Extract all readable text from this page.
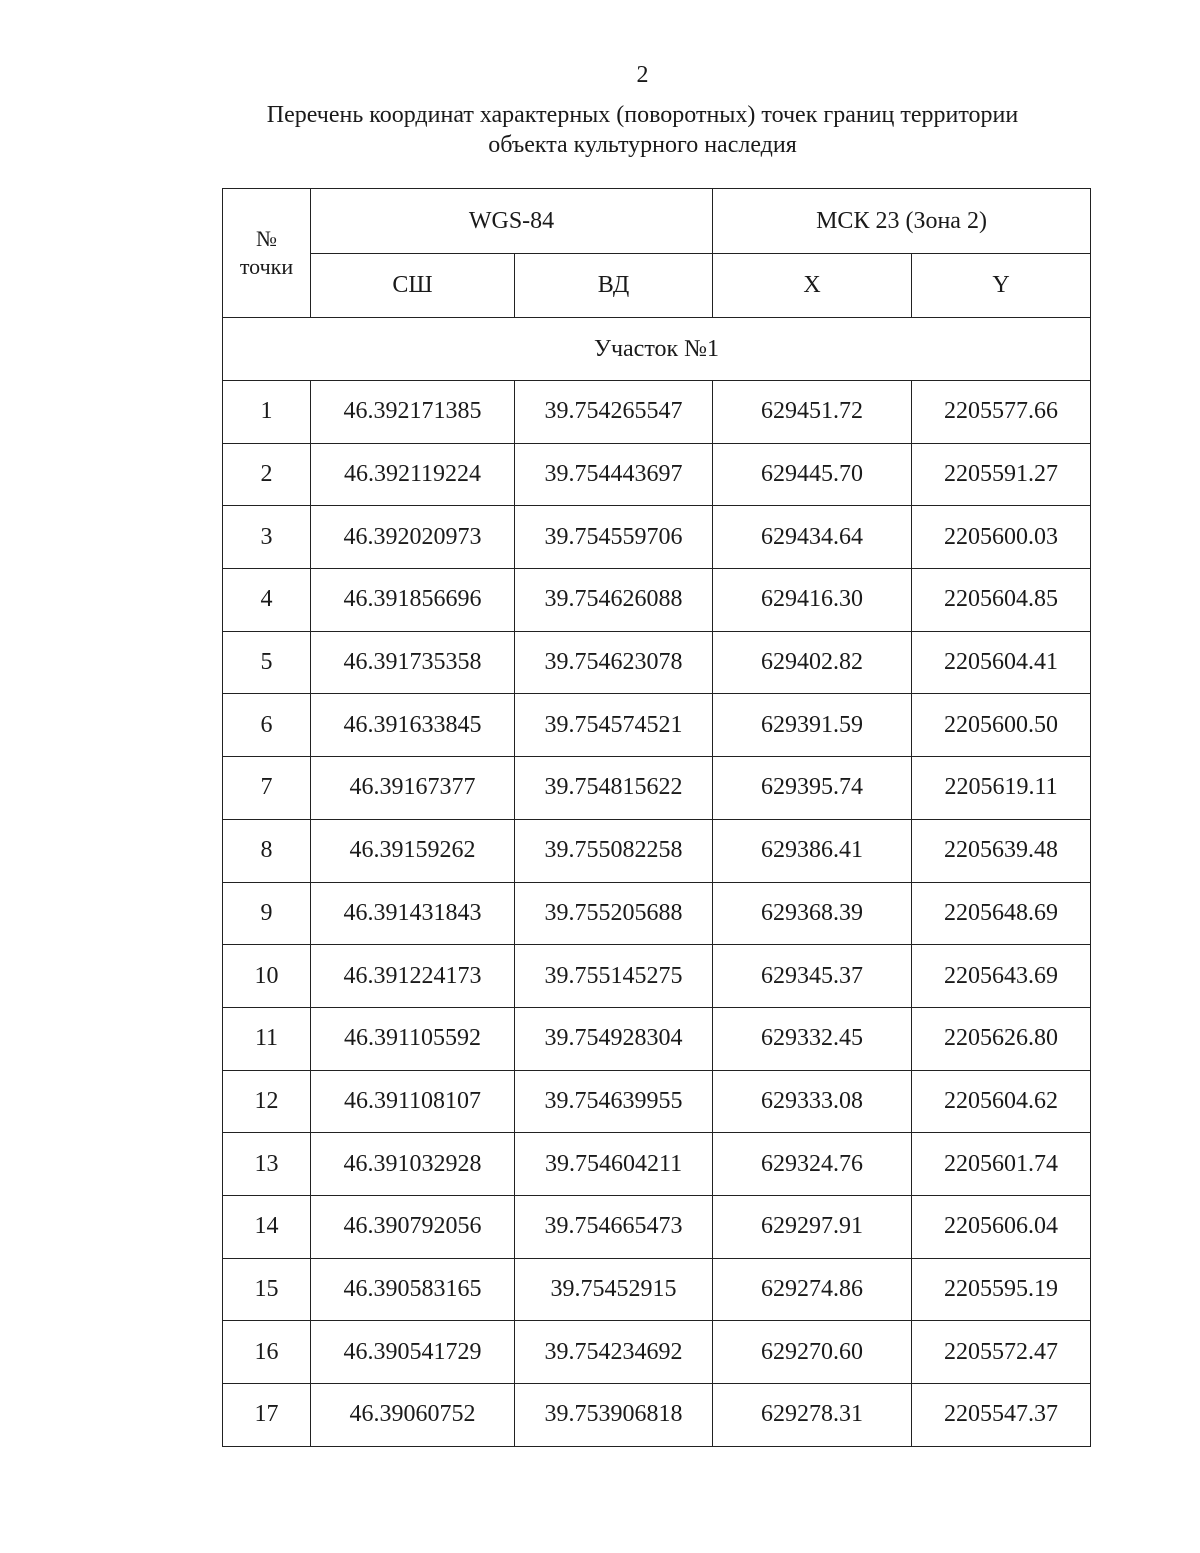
2
Перечень координат характерных (поворотных) точек границ территории
объекта культурного наследия
№
точки	WGS-84		МСК 23 (Зона 2)	
	СШ	ВД	X	Y
Участок №1				
1	46.392171385	39.754265547	629451.72	2205577.66
2	46.392119224	39.754443697	629445.70	2205591.27
3	46.392020973	39.754559706	629434.64	2205600.03
4	46.391856696	39.754626088	629416.30	2205604.85
5	46.391735358	39.754623078	629402.82	2205604.41
6	46.391633845	39.754574521	629391.59	2205600.50
7	46.39167377	39.754815622	629395.74	2205619.11
8	46.39159262	39.755082258	629386.41	2205639.48
9	46.391431843	39.755205688	629368.39	2205648.69
10	46.391224173	39.755145275	629345.37	2205643.69
11	46.391105592	39.754928304	629332.45	2205626.80
12	46.391108107	39.754639955	629333.08	2205604.62
13	46.391032928	39.754604211	629324.76	2205601.74
14	46.390792056	39.754665473	629297.91	2205606.04
15	46.390583165	39.75452915	629274.86	2205595.19
16	46.390541729	39.754234692	629270.60	2205572.47
17	46.39060752	39.753906818	629278.31	2205547.37
